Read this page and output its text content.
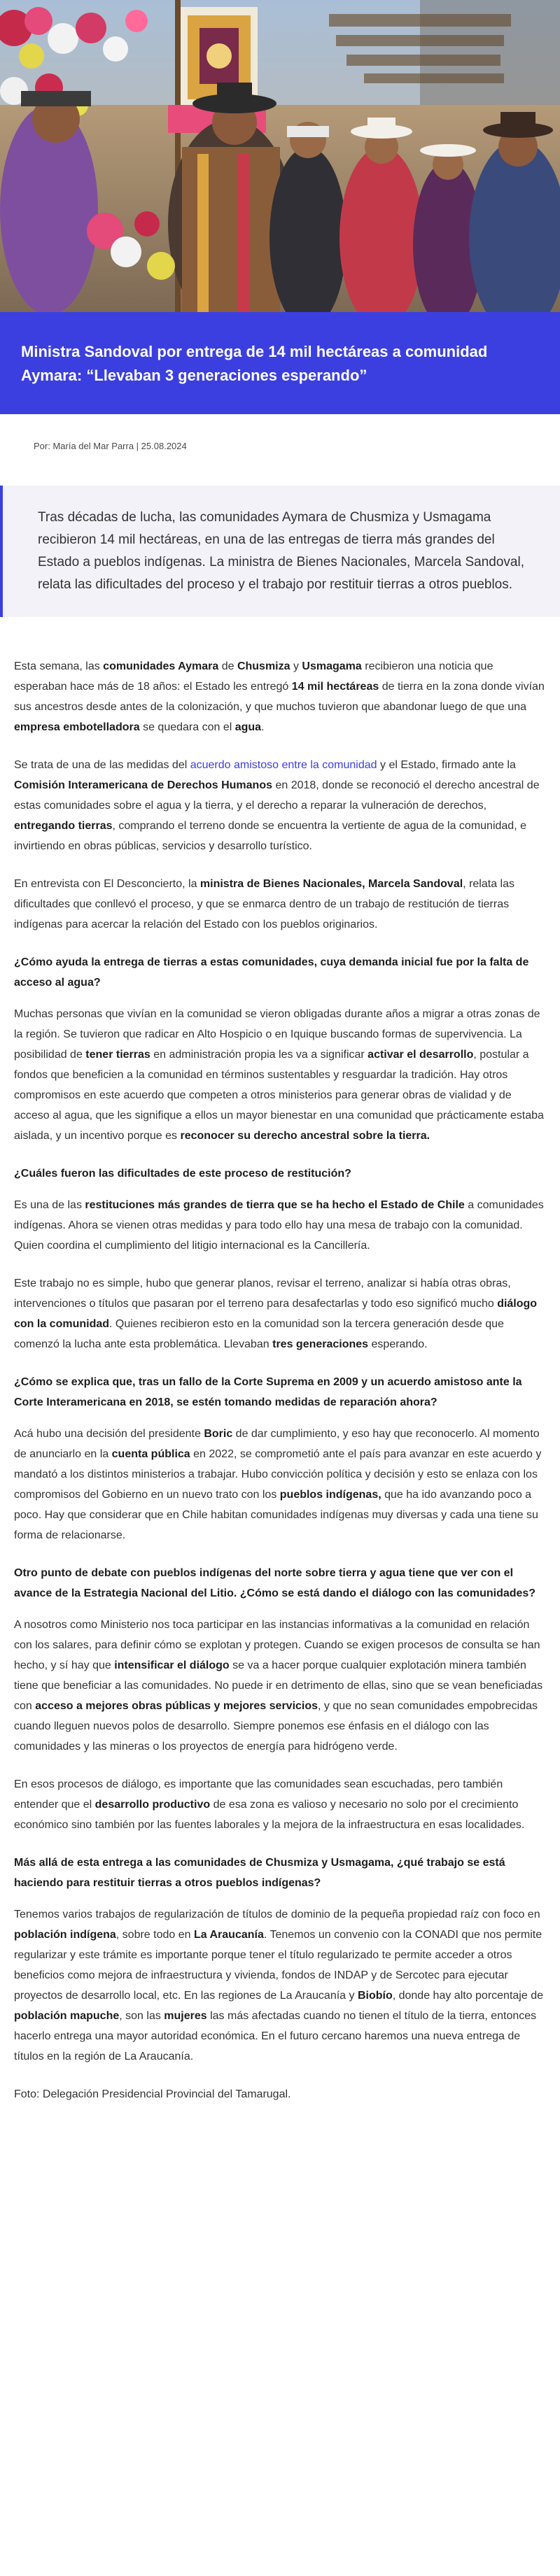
Ministra Sandoval por entrega de 14 mil hectáreas a comunidad Aymara: “Llevaban 3 generaciones esperando”
Por: María del Mar Parra | 25.08.2024
Tras décadas de lucha, las comunidades Aymara de Chusmiza y Usmagama recibieron 14 mil hectáreas, en una de las entregas de tierra más grandes del Estado a pueblos indígenas. La ministra de Bienes Nacionales, Marcela Sandoval, relata las dificultades del proceso y el trabajo por restituir tierras a otros pueblos.

Esta semana, las comunidades Aymara de Chusmiza y Usmagama recibieron una noticia que esperaban hace más de 18 años: el Estado les entregó 14 mil hectáreas de tierra en la zona donde vivían sus ancestros desde antes de la colonización, y que muchos tuvieron que abandonar luego de que una empresa embotelladora se quedara con el agua.

Se trata de una de las medidas del acuerdo amistoso entre la comunidad y el Estado, firmado ante la Comisión Interamericana de Derechos Humanos en 2018, donde se reconoció el derecho ancestral de estas comunidades sobre el agua y la tierra, y el derecho a reparar la vulneración de derechos, entregando tierras, comprando el terreno donde se encuentra la vertiente de agua de la comunidad, e invirtiendo en obras públicas, servicios y desarrollo turístico.

En entrevista con El Desconcierto, la ministra de Bienes Nacionales, Marcela Sandoval, relata las dificultades que conllevó el proceso, y que se enmarca dentro de un trabajo de restitución de tierras indígenas para acercar la relación del Estado con los pueblos originarios.

¿Cómo ayuda la entrega de tierras a estas comunidades, cuya demanda inicial fue por la falta de acceso al agua?

Muchas personas que vivían en la comunidad se vieron obligadas durante años a migrar a otras zonas de la región. Se tuvieron que radicar en Alto Hospicio o en Iquique buscando formas de supervivencia. La posibilidad de tener tierras en administración propia les va a significar activar el desarrollo, postular a fondos que beneficien a la comunidad en términos sustentables y resguardar la tradición. Hay otros compromisos en este acuerdo que competen a otros ministerios para generar obras de vialidad y de acceso al agua, que les signifique a ellos un mayor bienestar en una comunidad que prácticamente estaba aislada, y un incentivo porque es reconocer su derecho ancestral sobre la tierra.

¿Cuáles fueron las dificultades de este proceso de restitución?

Es una de las restituciones más grandes de tierra que se ha hecho el Estado de Chile a comunidades indígenas. Ahora se vienen otras medidas y para todo ello hay una mesa de trabajo con la comunidad. Quien coordina el cumplimiento del litigio internacional es la Cancillería.

Este trabajo no es simple, hubo que generar planos, revisar el terreno, analizar si había otras obras, intervenciones o títulos que pasaran por el terreno para desafectarlas y todo eso significó mucho diálogo con la comunidad. Quienes recibieron esto en la comunidad son la tercera generación desde que comenzó la lucha ante esta problemática. Llevaban tres generaciones esperando.

¿Cómo se explica que, tras un fallo de la Corte Suprema en 2009 y un acuerdo amistoso ante la Corte Interamericana en 2018, se estén tomando medidas de reparación ahora?

Acá hubo una decisión del presidente Boric de dar cumplimiento, y eso hay que reconocerlo. Al momento de anunciarlo en la cuenta pública en 2022, se comprometió ante el país para avanzar en este acuerdo y mandató a los distintos ministerios a trabajar. Hubo convicción política y decisión y esto se enlaza con los compromisos del Gobierno en un nuevo trato con los pueblos indígenas, que ha ido avanzando poco a poco. Hay que considerar que en Chile habitan comunidades indígenas muy diversas y cada una tiene su forma de relacionarse.

Otro punto de debate con pueblos indígenas del norte sobre tierra y agua tiene que ver con el avance de la Estrategia Nacional del Litio. ¿Cómo se está dando el diálogo con las comunidades?

A nosotros como Ministerio nos toca participar en las instancias informativas a la comunidad en relación con los salares, para definir cómo se explotan y protegen. Cuando se exigen procesos de consulta se han hecho, y sí hay que intensificar el diálogo se va a hacer porque cualquier explotación minera también tiene que beneficiar a las comunidades. No puede ir en detrimento de ellas, sino que se vean beneficiadas con acceso a mejores obras públicas y mejores servicios, y que no sean comunidades empobrecidas cuando lleguen nuevos polos de desarrollo. Siempre ponemos ese énfasis en el diálogo con las comunidades y las mineras o los proyectos de energía para hidrógeno verde.

En esos procesos de diálogo, es importante que las comunidades sean escuchadas, pero también entender que el desarrollo productivo de esa zona es valioso y necesario no solo por el crecimiento económico sino también por las fuentes laborales y la mejora de la infraestructura en esas localidades.

Más allá de esta entrega a las comunidades de Chusmiza y Usmagama, ¿qué trabajo se está haciendo para restituir tierras a otros pueblos indígenas?

Tenemos varios trabajos de regularización de títulos de dominio de la pequeña propiedad raíz con foco en población indígena, sobre todo en La Araucanía. Tenemos un convenio con la CONADI que nos permite regularizar y este trámite es importante porque tener el título regularizado te permite acceder a otros beneficios como mejora de infraestructura y vivienda, fondos de INDAP y de Sercotec para ejecutar proyectos de desarrollo local, etc. En las regiones de La Araucanía y Biobío, donde hay alto porcentaje de población mapuche, son las mujeres las más afectadas cuando no tienen el título de la tierra, entonces hacerlo entrega una mayor autoridad económica. En el futuro cercano haremos una nueva entrega de títulos en la región de La Araucanía.

Foto: Delegación Presidencial Provincial del Tamarugal.
